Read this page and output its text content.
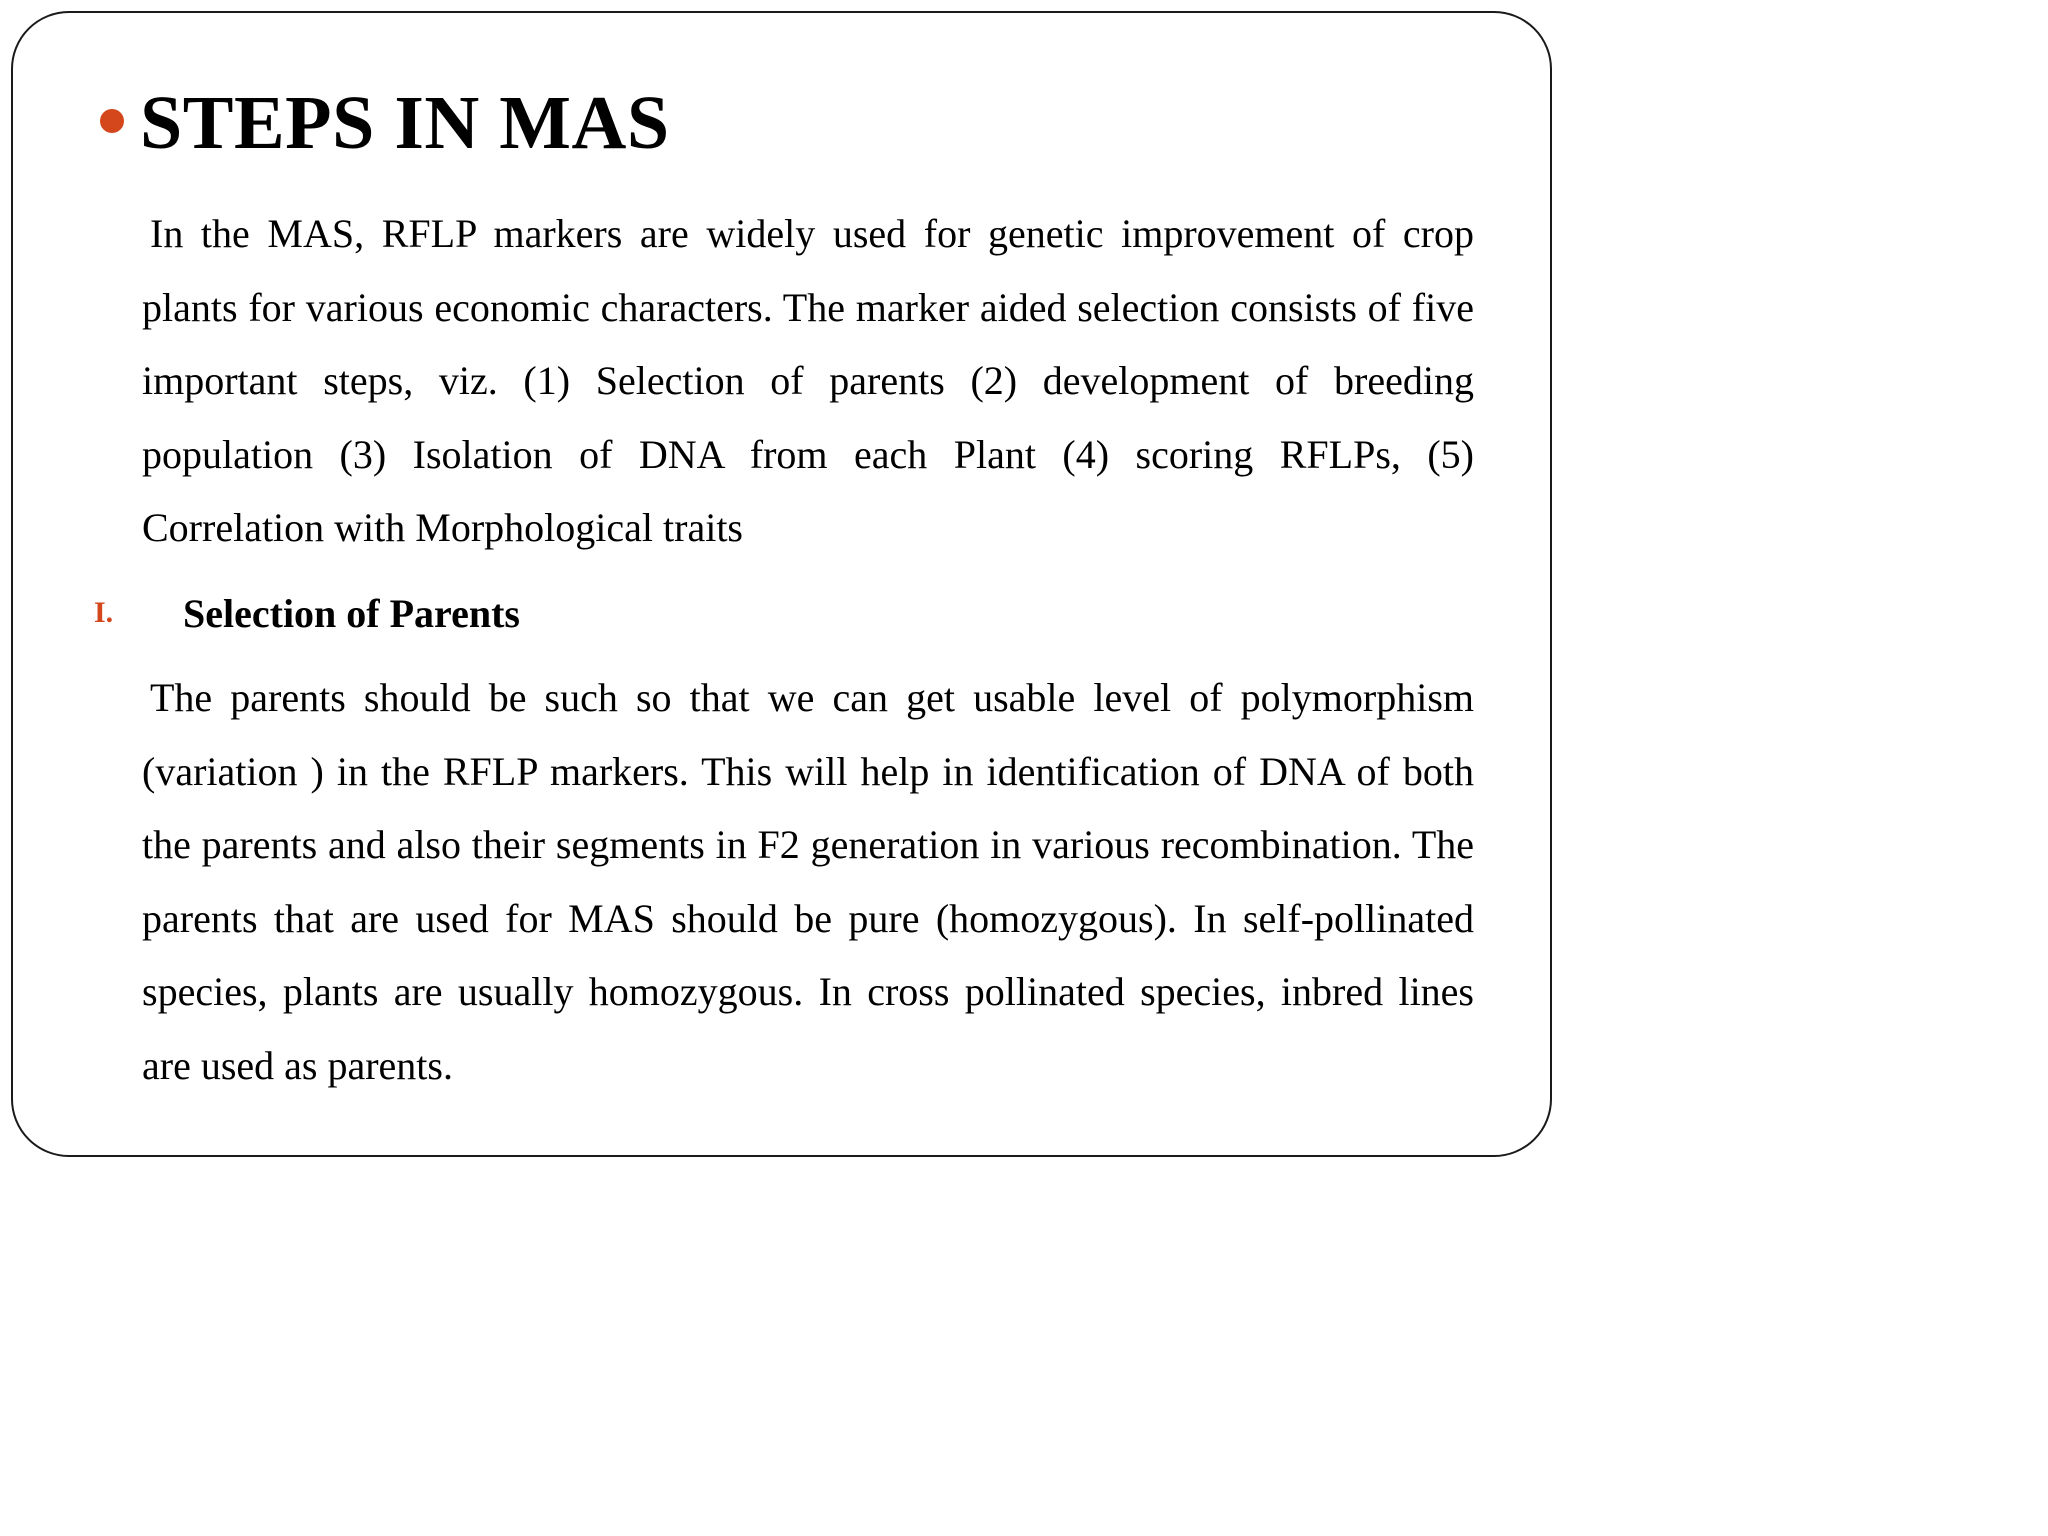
STEPS IN MAS

In the MAS, RFLP markers are widely used for genetic improvement of crop plants for various economic characters. The marker aided selection consists of five important steps, viz. (1) Selection of parents (2) development of breeding population (3) Isolation of DNA from each Plant (4) scoring RFLPs, (5) Correlation with Morphological traits

I.	Selection of Parents

The parents should be such so that we can get usable level of polymorphism (variation ) in the RFLP markers. This will help in identification of DNA of both the parents and also their segments in F2 generation in various recombination. The parents that are used for MAS should be pure (homozygous). In self-pollinated species, plants are usually homozygous. In cross pollinated species, inbred lines are used as parents.
